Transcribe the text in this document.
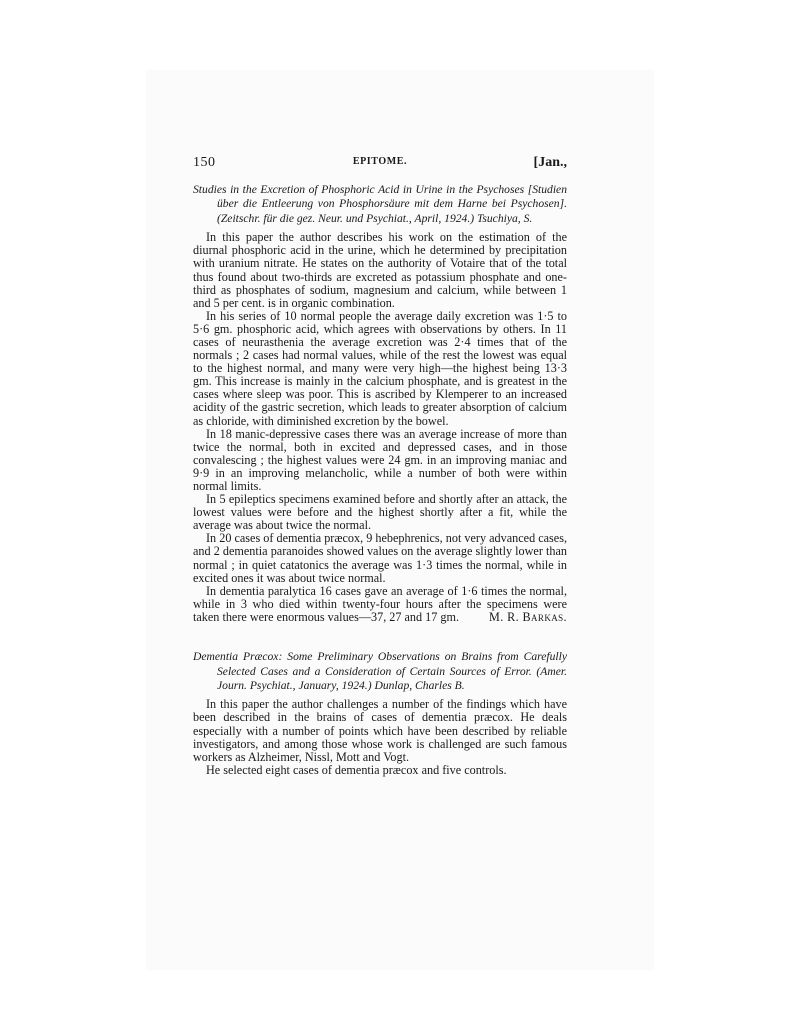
150	EPITOME.	[Jan.,

Studies in the Excretion of Phosphoric Acid in Urine in the Psychoses [Studien über die Entleerung von Phosphorsäure mit dem Harne bei Psychosen]. (Zeitschr. für die gez. Neur. und Psychiat., April, 1924.) Tsuchiya, S.

In this paper the author describes his work on the estimation of the diurnal phosphoric acid in the urine, which he determined by precipitation with uranium nitrate. He states on the authority of Votaire that of the total thus found about two-thirds are excreted as potassium phosphate and one-third as phosphates of sodium, magnesium and calcium, while between 1 and 5 per cent. is in organic combination.

In his series of 10 normal people the average daily excretion was 1·5 to 5·6 gm. phosphoric acid, which agrees with observations by others. In 11 cases of neurasthenia the average excretion was 2·4 times that of the normals ; 2 cases had normal values, while of the rest the lowest was equal to the highest normal, and many were very high—the highest being 13·3 gm. This increase is mainly in the calcium phosphate, and is greatest in the cases where sleep was poor. This is ascribed by Klemperer to an increased acidity of the gastric secretion, which leads to greater absorption of calcium as chloride, with diminished excretion by the bowel.

In 18 manic-depressive cases there was an average increase of more than twice the normal, both in excited and depressed cases, and in those convalescing ; the highest values were 24 gm. in an improving maniac and 9·9 in an improving melancholic, while a number of both were within normal limits.

In 5 epileptics specimens examined before and shortly after an attack, the lowest values were before and the highest shortly after a fit, while the average was about twice the normal.

In 20 cases of dementia præcox, 9 hebephrenics, not very advanced cases, and 2 dementia paranoides showed values on the average slightly lower than normal ; in quiet catatonics the average was 1·3 times the normal, while in excited ones it was about twice normal.

In dementia paralytica 16 cases gave an average of 1·6 times the normal, while in 3 who died within twenty-four hours after the specimens were taken there were enormous values—37, 27 and 17 gm.	M. R. Barkas.

Dementia Præcox: Some Preliminary Observations on Brains from Carefully Selected Cases and a Consideration of Certain Sources of Error. (Amer. Journ. Psychiat., January, 1924.) Dunlap, Charles B.

In this paper the author challenges a number of the findings which have been described in the brains of cases of dementia præcox. He deals especially with a number of points which have been described by reliable investigators, and among those whose work is challenged are such famous workers as Alzheimer, Nissl, Mott and Vogt.

He selected eight cases of dementia præcox and five controls.
